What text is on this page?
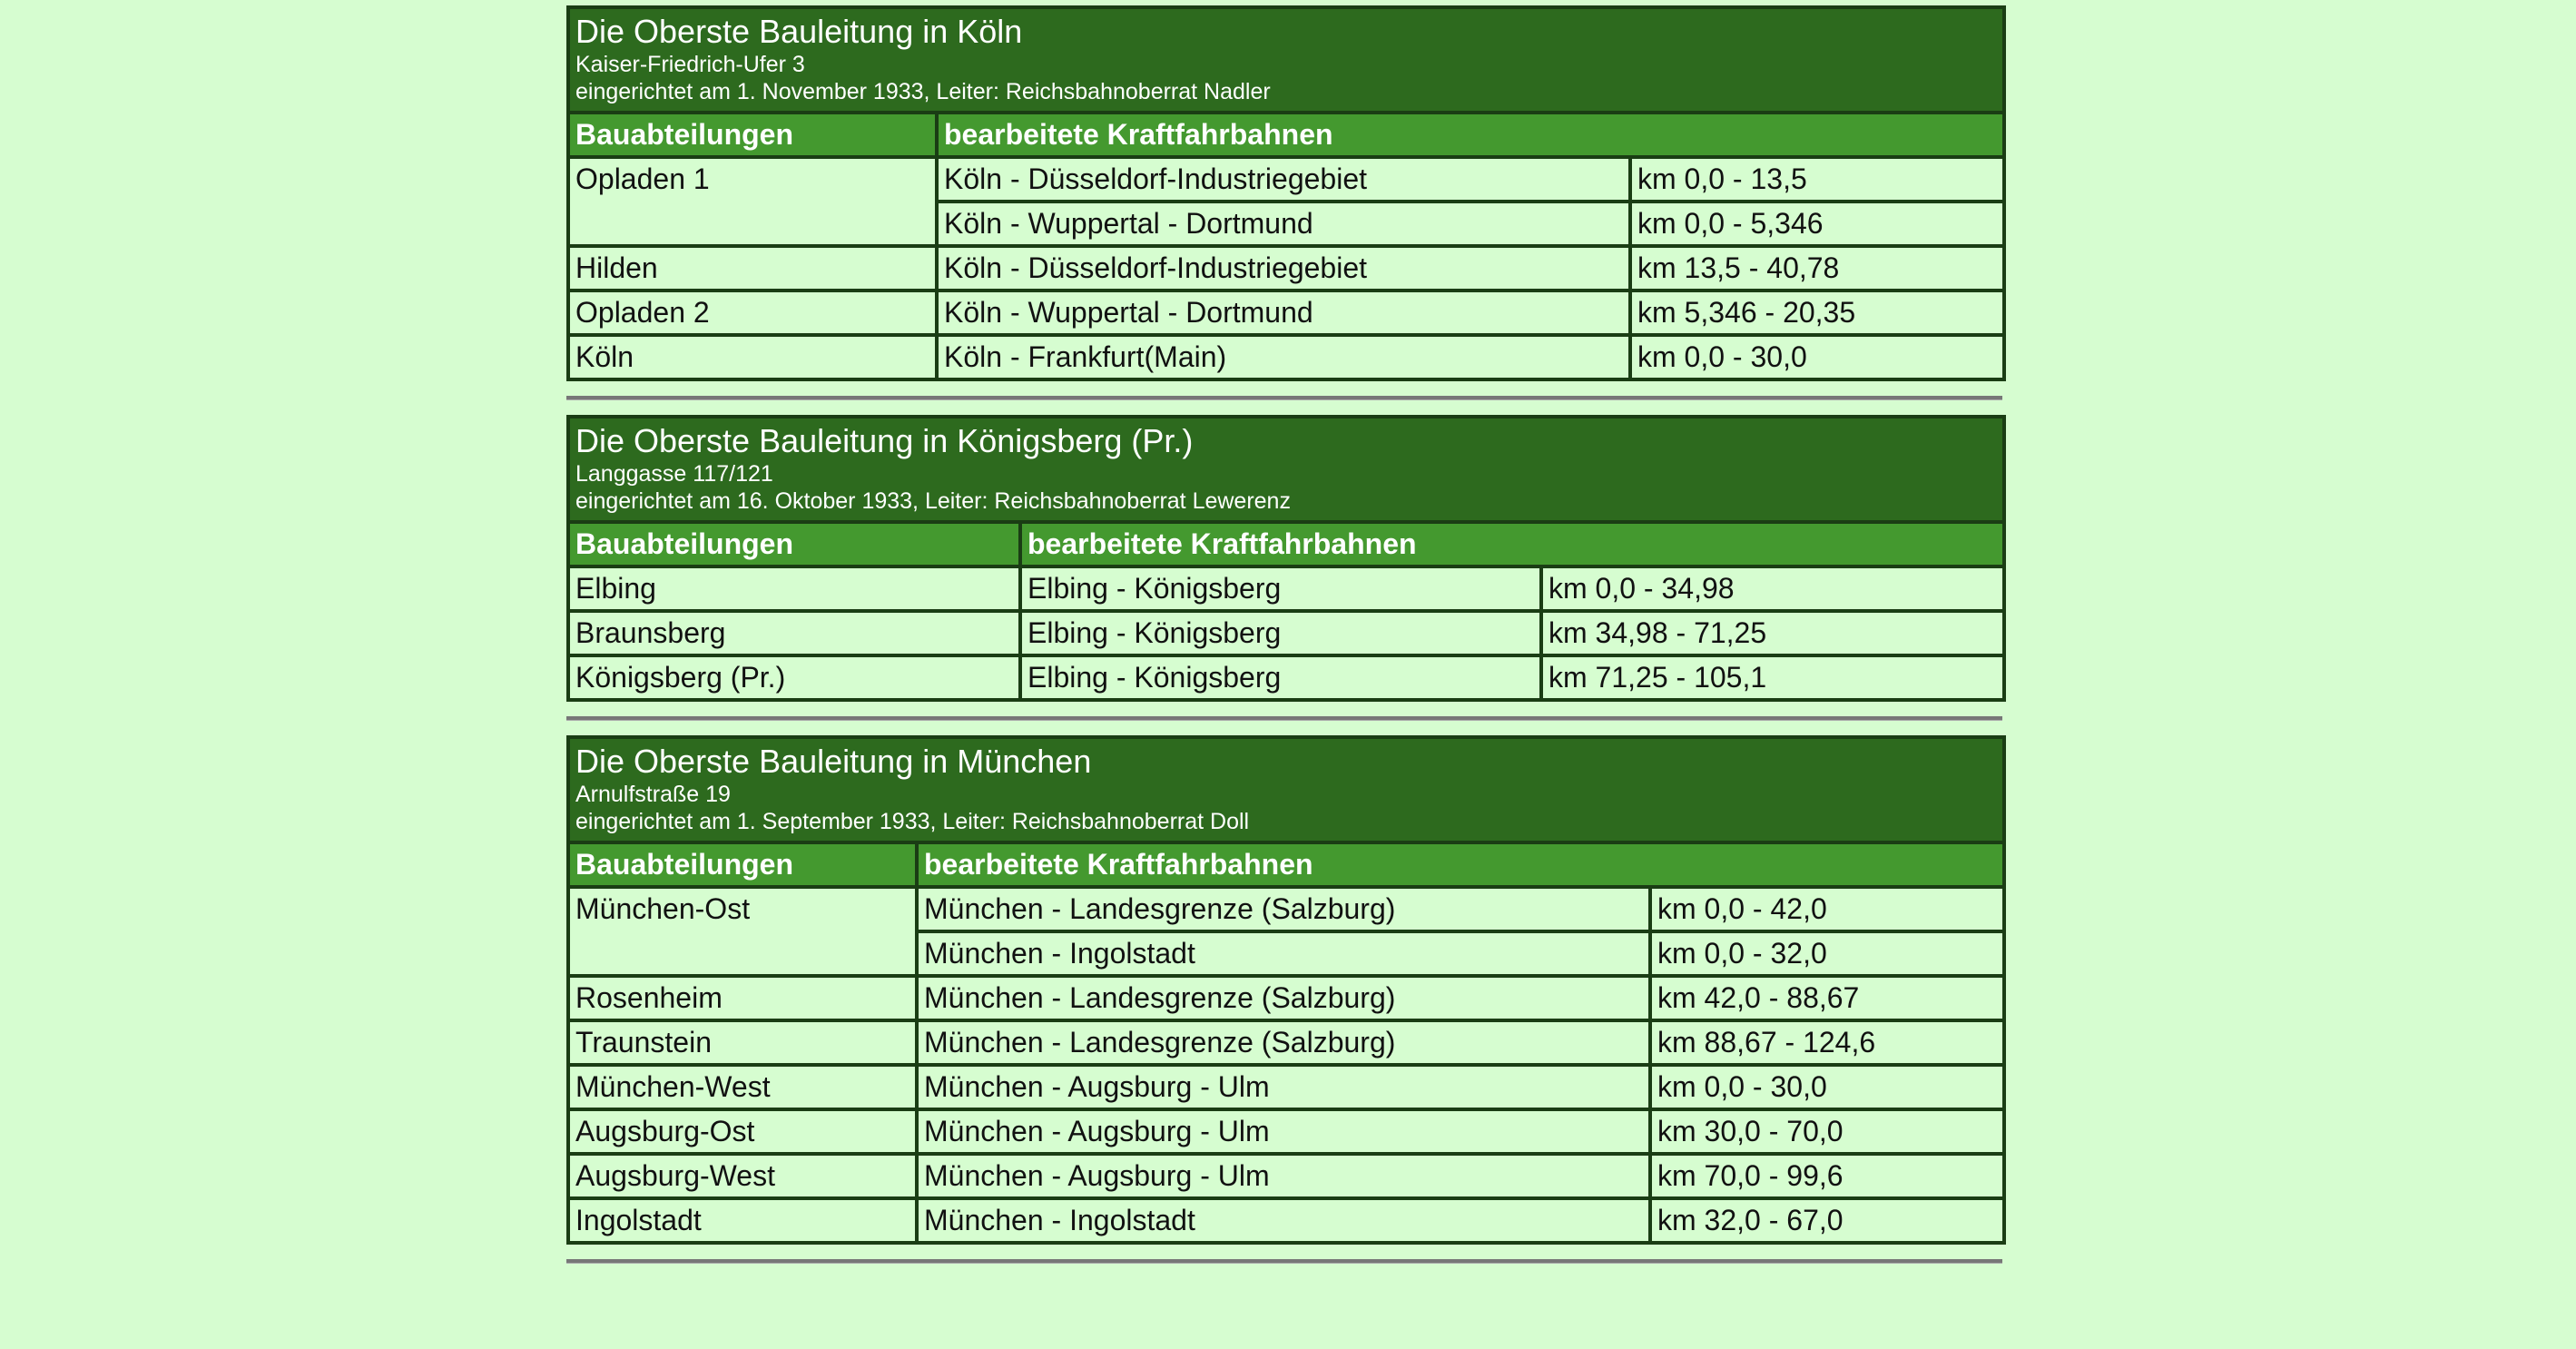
Die Oberste Bauleitung in Köln
Kaiser-Friedrich-Ufer 3
eingerichtet am 1. November 1933, Leiter: Reichsbahnoberrat Nadler		

Bauabteilungen	bearbeitete Kraftfahrbahnen	
Opladen 1	Köln - Düsseldorf-Industriegebiet	km 0,0 - 13,5
	Köln - Wuppertal - Dortmund	km 0,0 - 5,346
Hilden	Köln - Düsseldorf-Industriegebiet	km 13,5 - 40,78
Opladen 2	Köln - Wuppertal - Dortmund	km 5,346 - 20,35
Köln	Köln - Frankfurt(Main)	km 0,0 - 30,0
Die Oberste Bauleitung in Königsberg (Pr.)
Langgasse 117/121
eingerichtet am 16. Oktober 1933, Leiter: Reichsbahnoberrat Lewerenz		

Bauabteilungen	bearbeitete Kraftfahrbahnen	
Elbing	Elbing - Königsberg	km 0,0 - 34,98
Braunsberg	Elbing - Königsberg	km 34,98 - 71,25
Königsberg (Pr.)	Elbing - Königsberg	km 71,25 - 105,1
Die Oberste Bauleitung in München
Arnulfstraße 19
eingerichtet am 1. September 1933, Leiter: Reichsbahnoberrat Doll		

Bauabteilungen	bearbeitete Kraftfahrbahnen	
München-Ost	München - Landesgrenze (Salzburg)	km 0,0 - 42,0
	München - Ingolstadt	km 0,0 - 32,0
Rosenheim	München - Landesgrenze (Salzburg)	km 42,0 - 88,67
Traunstein	München - Landesgrenze (Salzburg)	km 88,67 - 124,6
München-West	München - Augsburg - Ulm	km 0,0 - 30,0
Augsburg-Ost	München - Augsburg - Ulm	km 30,0 - 70,0
Augsburg-West	München - Augsburg - Ulm	km 70,0 - 99,6
Ingolstadt	München - Ingolstadt	km 32,0 - 67,0
